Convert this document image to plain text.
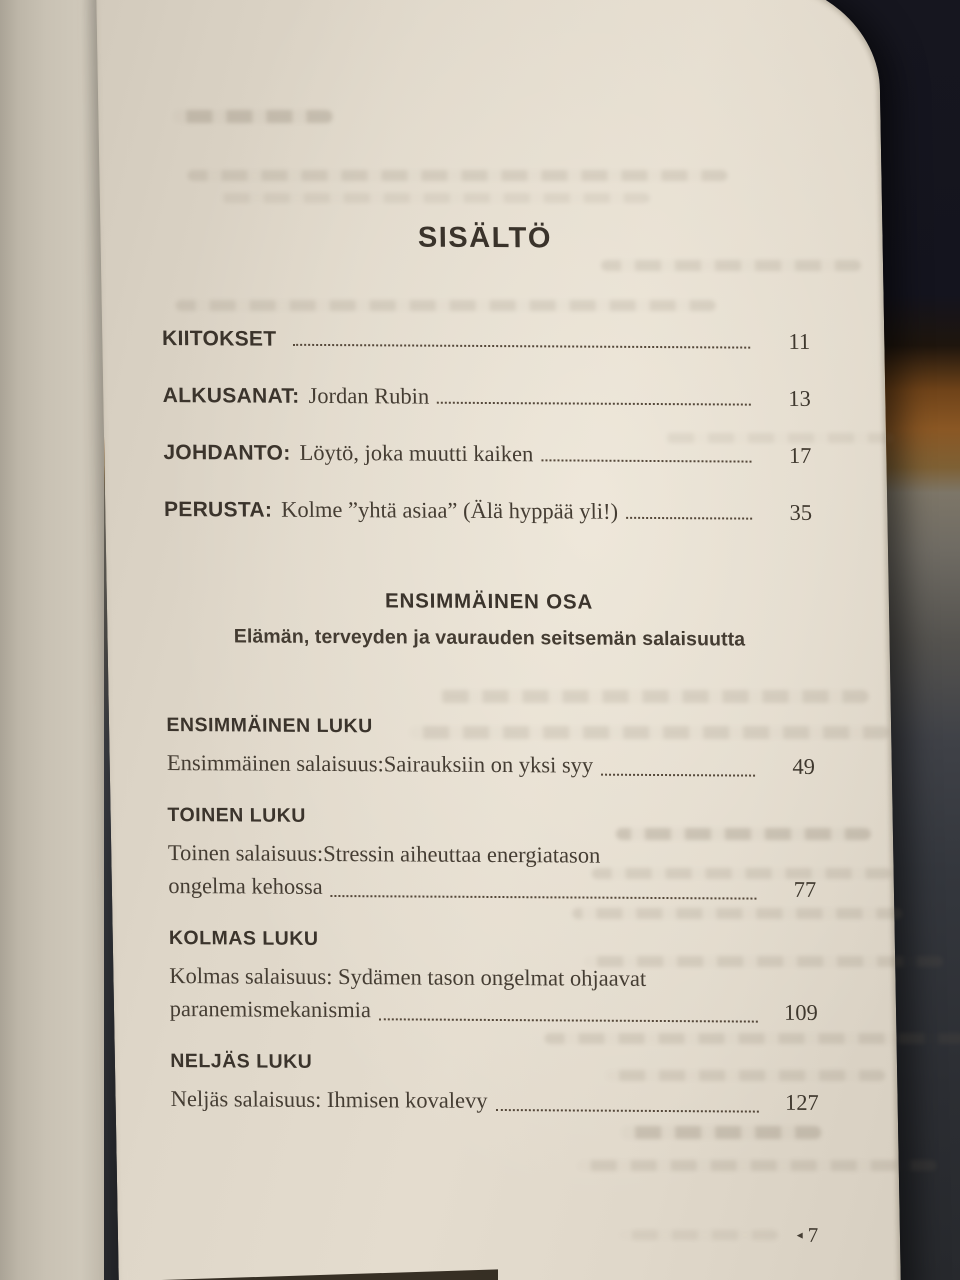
SISÄLTÖ
KIITOKSET	11
ALKUSANAT: Jordan Rubin	13
JOHDANTO: Löytö, joka muutti kaiken	17
PERUSTA: Kolme ”yhtä asiaa” (Älä hyppää yli!)	35
ENSIMMÄINEN OSA
Elämän, terveyden ja vaurauden seitsemän salaisuutta
ENSIMMÄINEN LUKU
Ensimmäinen salaisuus:Sairauksiin on yksi syy	49
TOINEN LUKU
Toinen salaisuus:Stressin aiheuttaa energiatason
ongelma kehossa	77
KOLMAS LUKU
Kolmas salaisuus: Sydämen tason ongelmat ohjaavat
paranemismekanismia	109
NELJÄS LUKU
Neljäs salaisuus: Ihmisen kovalevy	127
◂ 7
